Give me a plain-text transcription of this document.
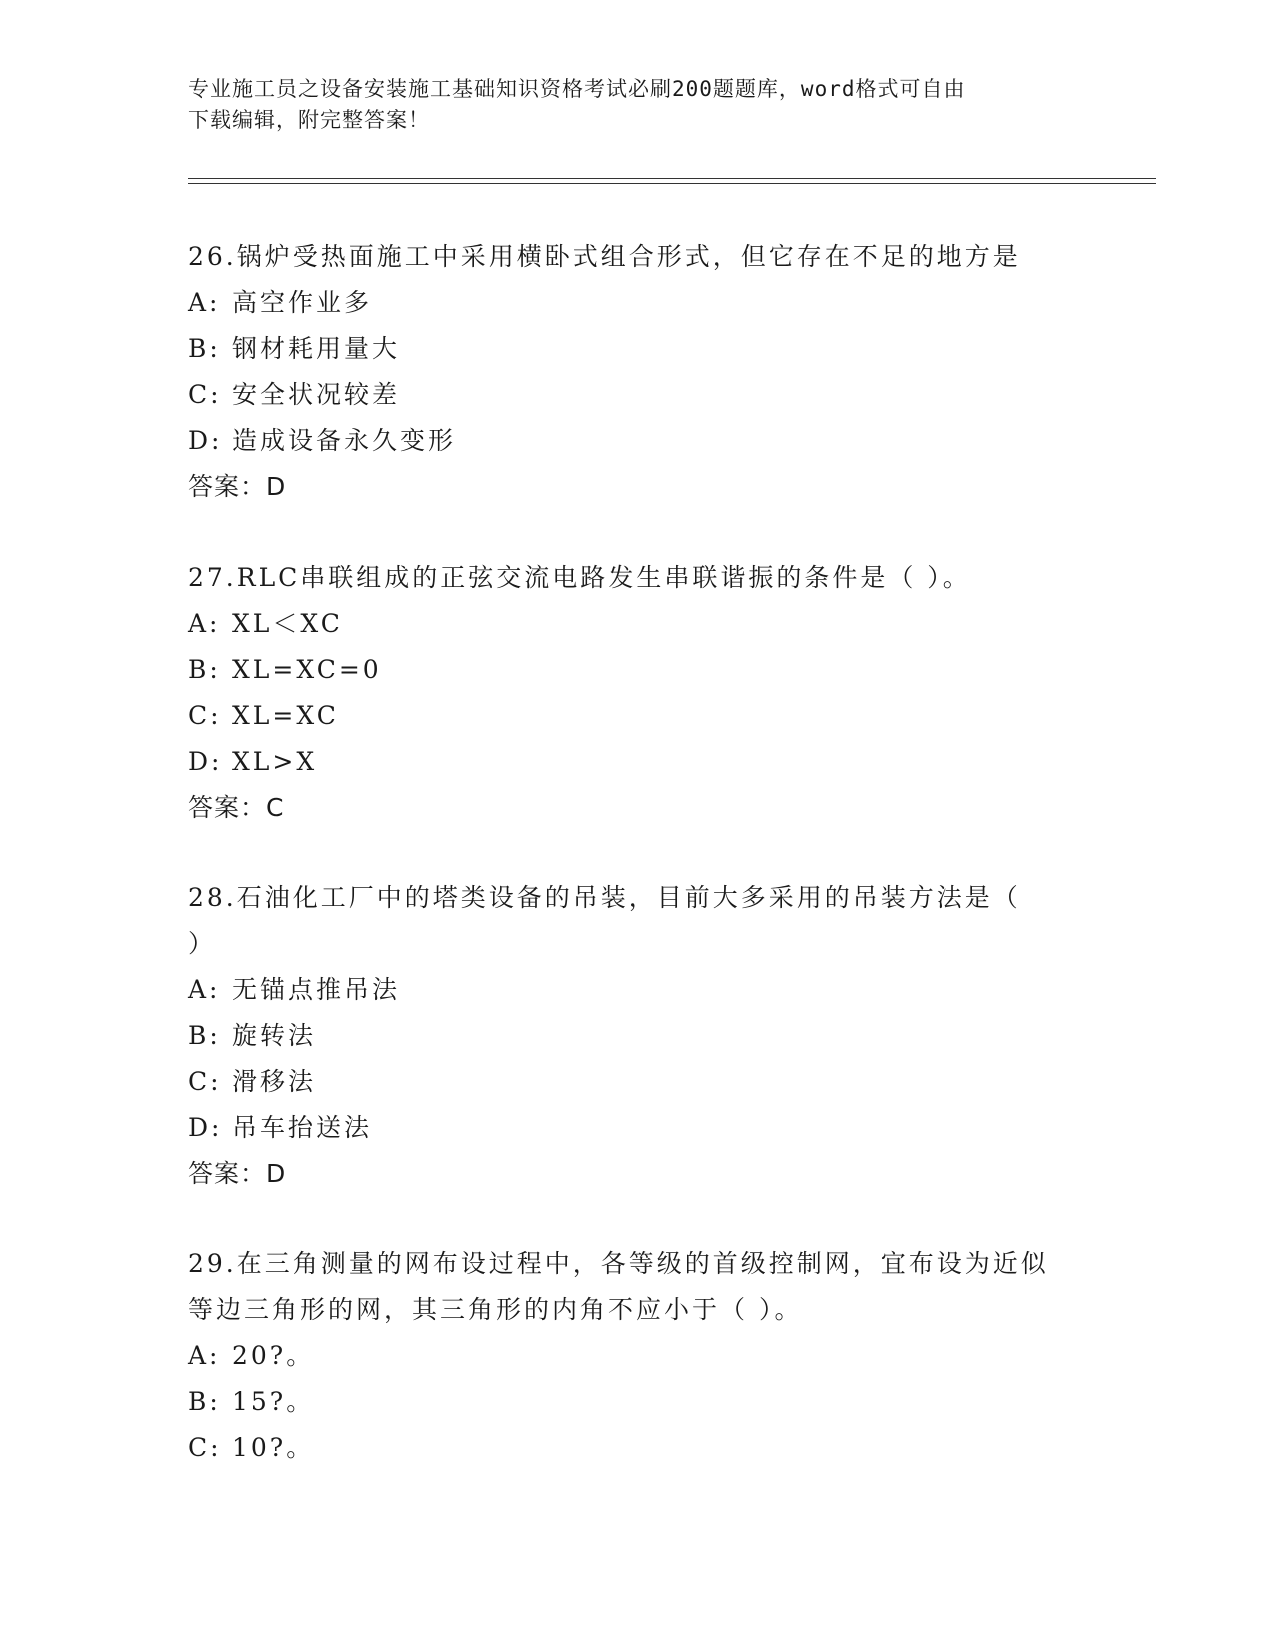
专业施工员之设备安装施工基础知识资格考试必刷200题题库，word格式可自由
下载编辑，附完整答案！
26.锅炉受热面施工中采用横卧式组合形式，但它存在不足的地方是
A: 高空作业多
B: 钢材耗用量大
C: 安全状况较差
D: 造成设备永久变形
答案：D
27.RLC串联组成的正弦交流电路发生串联谐振的条件是（ ）。
A: XL＜XC
B: XL=XC=0
C: XL=XC
D: XL>X
答案：C
28.石油化工厂中的塔类设备的吊装，目前大多采用的吊装方法是（
）
A: 无锚点推吊法
B: 旋转法
C: 滑移法
D: 吊车抬送法
答案：D
29.在三角测量的网布设过程中，各等级的首级控制网，宜布设为近似
等边三角形的网，其三角形的内角不应小于（ ）。
A: 20?。
B: 15?。
C: 10?。
